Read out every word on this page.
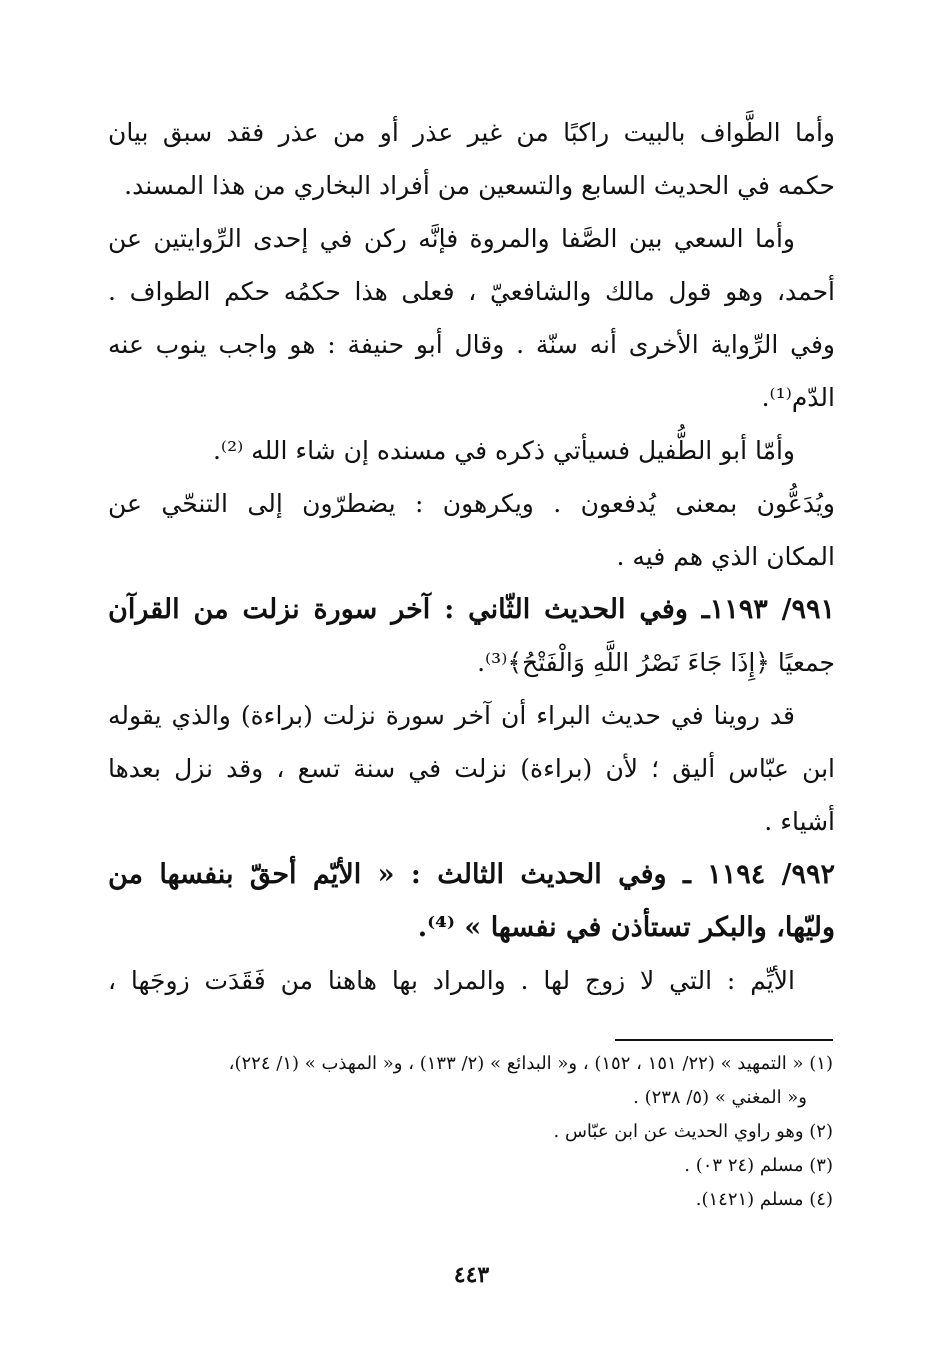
وأما الطَّواف بالبيت راكبًا من غير عذر أو من عذر فقد سبق بيان
حكمه في الحديث السابع والتسعين من أفراد البخاري من هذا المسند.
وأما السعي بين الصَّفا والمروة فإنَّه ركن في إحدى الرِّوايتين عن
أحمد، وهو قول مالك والشافعيّ ، فعلى هذا حكمُه حكم الطواف .
وفي الرِّواية الأخرى أنه سنّة . وقال أبو حنيفة : هو واجب ينوب عنه
الدّم⁽¹⁾.
وأمّا أبو الطُّفيل فسيأتي ذكره في مسنده إن شاء الله ⁽²⁾.
ويُدَعُّون بمعنى يُدفعون . ويكرهون : يضطرّون إلى التنحّي عن
المكان الذي هم فيه .
٩٩١/ ١١٩٣ـ وفي الحديث الثّاني : آخر سورة نزلت من القرآن
جمعيًا ﴿إِذَا جَاءَ نَصْرُ اللَّهِ وَالْفَتْحُ﴾⁽³⁾.
قد روينا في حديث البراء أن آخر سورة نزلت (براءة) والذي يقوله
ابن عبّاس أليق ؛ لأن (براءة) نزلت في سنة تسع ، وقد نزل بعدها
أشياء .
٩٩٢/ ١١٩٤ ـ وفي الحديث الثالث : « الأيّم أحقّ بنفسها من
وليّها، والبكر تستأذن في نفسها » ⁽⁴⁾.
الأيِّم : التي لا زوج لها . والمراد بها هاهنا من فَقَدَت زوجَها ،
(١) « التمهيد » (٢٢/ ١٥١ ، ١٥٢) ، و« البدائع » (٢/ ١٣٣) ، و« المهذب » (١/ ٢٢٤)،
و« المغني » (٥/ ٢٣٨) .
(٢) وهو راوي الحديث عن ابن عبّاس .
(٣) مسلم (٢٤ ٠٣) .
(٤) مسلم (١٤٢١).
٤٤٣
